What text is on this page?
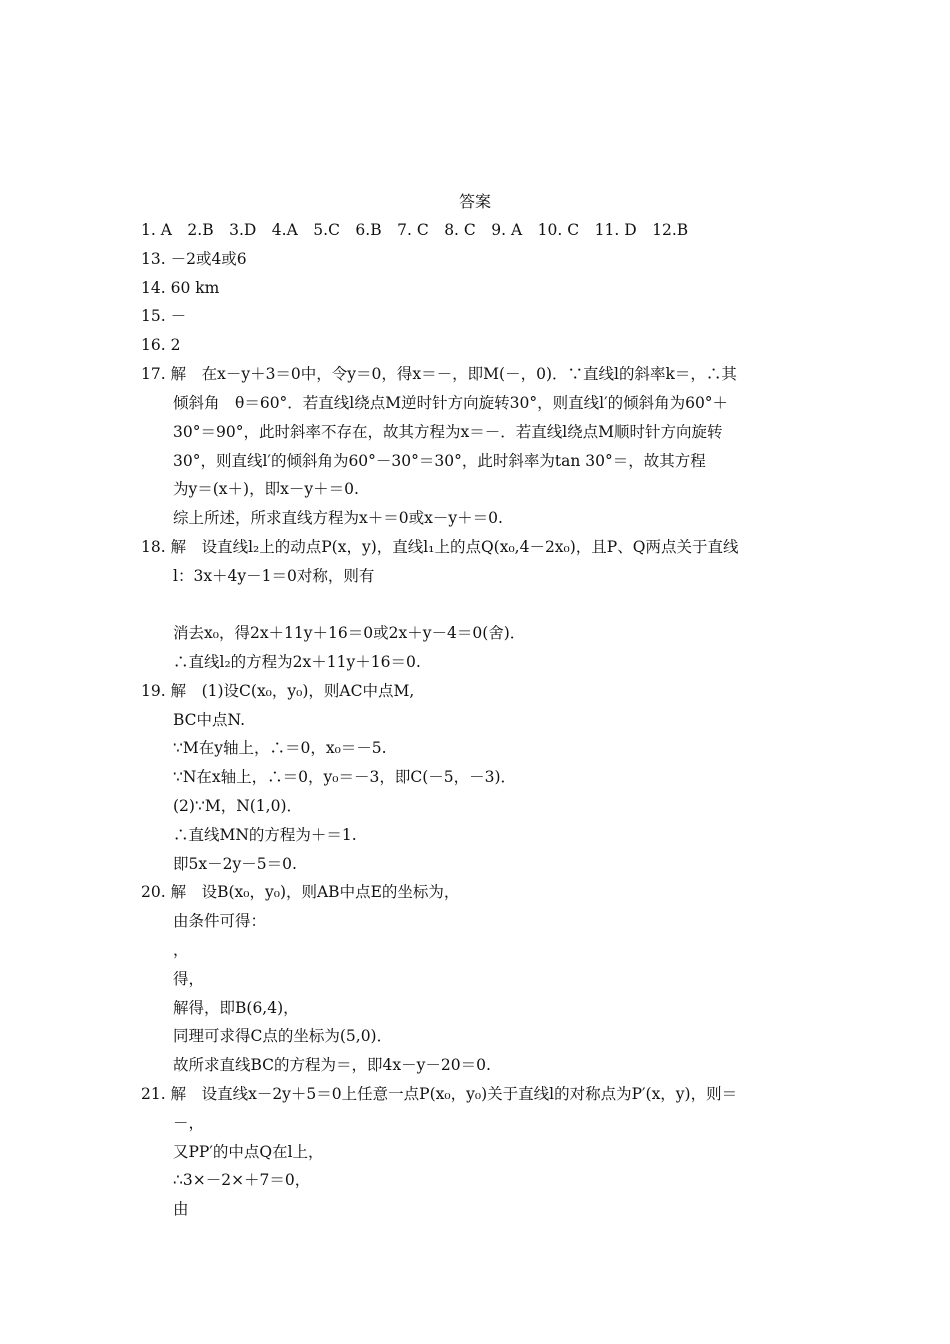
答案
1. A　2.B　3.D　4.A　5.C　6.B　7. C　8. C　9. A　10. C　11. D　12.B
13. －2或4或6
14. 60 km
15. －
16. 2
17. 解　在x－y＋3＝0中，令y＝0，得x＝－，即M(－，0)．∵直线l的斜率k＝，∴其
倾斜角　θ＝60°．若直线l绕点M逆时针方向旋转30°，则直线l′的倾斜角为60°＋
30°＝90°，此时斜率不存在，故其方程为x＝－．若直线l绕点M顺时针方向旋转
30°，则直线l′的倾斜角为60°－30°＝30°，此时斜率为tan 30°＝，故其方程
为y＝(x＋)，即x－y＋＝0.
综上所述，所求直线方程为x＋＝0或x－y＋＝0.
18. 解　设直线l₂上的动点P(x，y)，直线l₁上的点Q(x₀,4－2x₀)，且P、Q两点关于直线
l：3x＋4y－1＝0对称，则有
消去x₀，得2x＋11y＋16＝0或2x＋y－4＝0(舍)．
∴直线l₂的方程为2x＋11y＋16＝0.
19. 解　(1)设C(x₀，y₀)，则AC中点M,
BC中点N.
∵M在y轴上，∴＝0，x₀＝－5.
∵N在x轴上，∴＝0，y₀＝－3，即C(－5，－3)．
(2)∵M，N(1,0)．
∴直线MN的方程为＋＝1.
即5x－2y－5＝0.
20. 解　设B(x₀，y₀)，则AB中点E的坐标为，
由条件可得：
，
得，
解得，即B(6,4)，
同理可求得C点的坐标为(5,0)．
故所求直线BC的方程为＝，即4x－y－20＝0.
21. 解　设直线x－2y＋5＝0上任意一点P(x₀，y₀)关于直线l的对称点为P′(x，y)，则＝
－，
又PP′的中点Q在l上，
∴3×－2×＋7＝0，
由
